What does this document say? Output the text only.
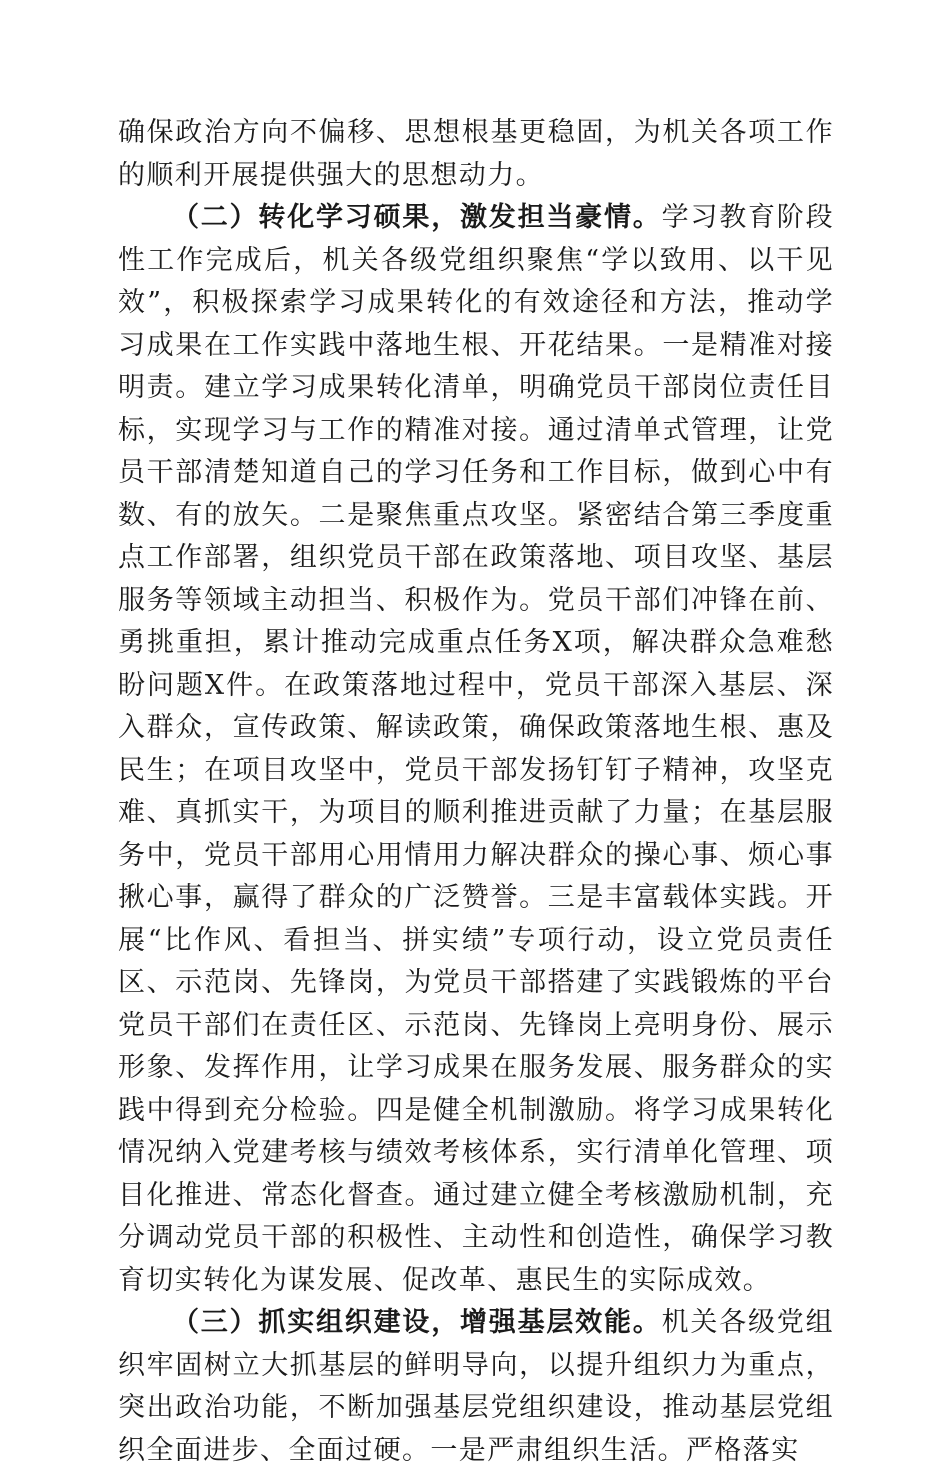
确保政治方向不偏移、思想根基更稳固，为机关各项工作的顺利开展提供强大的思想动力。

（二）转化学习硕果，激发担当豪情。学习教育阶段性工作完成后，机关各级党组织聚焦“学以致用、以干见效”，积极探索学习成果转化的有效途径和方法，推动学习成果在工作实践中落地生根、开花结果。一是精准对接明责。建立学习成果转化清单，明确党员干部岗位责任目标，实现学习与工作的精准对接。通过清单式管理，让党员干部清楚知道自己的学习任务和工作目标，做到心中有数、有的放矢。二是聚焦重点攻坚。紧密结合第三季度重点工作部署，组织党员干部在政策落地、项目攻坚、基层服务等领域主动担当、积极作为。党员干部们冲锋在前、勇挑重担，累计推动完成重点任务X项，解决群众急难愁盼问题X件。在政策落地过程中，党员干部深入基层、深入群众，宣传政策、解读政策，确保政策落地生根、惠及民生；在项目攻坚中，党员干部发扬钉钉子精神，攻坚克难、真抓实干，为项目的顺利推进贡献了力量；在基层服务中，党员干部用心用情用力解决群众的操心事、烦心事揪心事，赢得了群众的广泛赞誉。三是丰富载体实践。开展“比作风、看担当、拼实绩”专项行动，设立党员责任区、示范岗、先锋岗，为党员干部搭建了实践锻炼的平台党员干部们在责任区、示范岗、先锋岗上亮明身份、展示形象、发挥作用，让学习成果在服务发展、服务群众的实践中得到充分检验。四是健全机制激励。将学习成果转化情况纳入党建考核与绩效考核体系，实行清单化管理、项目化推进、常态化督查。通过建立健全考核激励机制，充分调动党员干部的积极性、主动性和创造性，确保学习教育切实转化为谋发展、促改革、惠民生的实际成效。

（三）抓实组织建设，增强基层效能。机关各级党组织牢固树立大抓基层的鲜明导向，以提升组织力为重点，突出政治功能，不断加强基层党组织建设，推动基层党组织全面进步、全面过硬。一是严肃组织生活。严格落实
